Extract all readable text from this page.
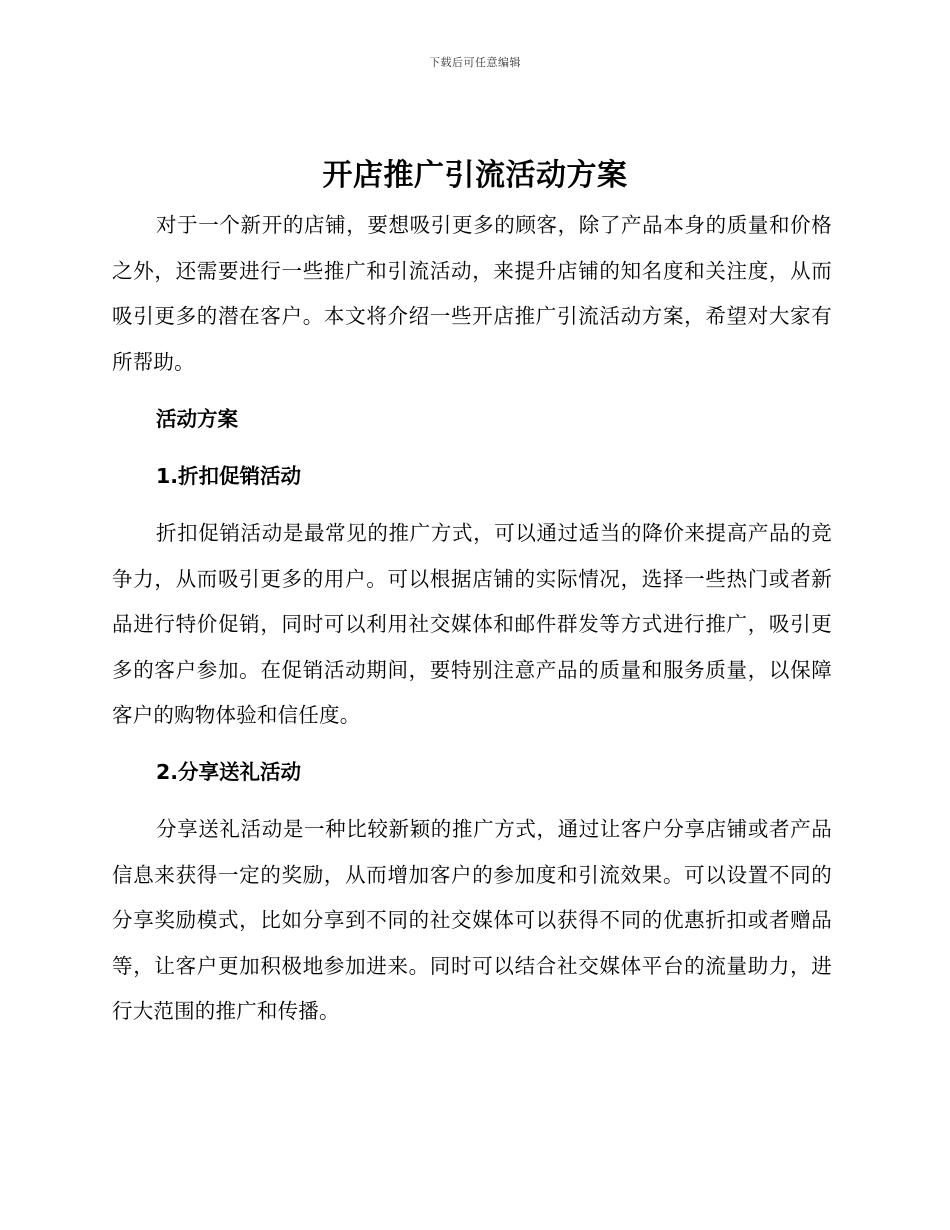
下载后可任意编辑
开店推广引流活动方案

对于一个新开的店铺，要想吸引更多的顾客，除了产品本身的质量和价格之外，还需要进行一些推广和引流活动，来提升店铺的知名度和关注度，从而吸引更多的潜在客户。本文将介绍一些开店推广引流活动方案，希望对大家有所帮助。

活动方案

1.折扣促销活动

折扣促销活动是最常见的推广方式，可以通过适当的降价来提高产品的竞争力，从而吸引更多的用户。可以根据店铺的实际情况，选择一些热门或者新品进行特价促销，同时可以利用社交媒体和邮件群发等方式进行推广，吸引更多的客户参加。在促销活动期间，要特别注意产品的质量和服务质量，以保障客户的购物体验和信任度。

2.分享送礼活动

分享送礼活动是一种比较新颖的推广方式，通过让客户分享店铺或者产品信息来获得一定的奖励，从而增加客户的参加度和引流效果。可以设置不同的分享奖励模式，比如分享到不同的社交媒体可以获得不同的优惠折扣或者赠品等，让客户更加积极地参加进来。同时可以结合社交媒体平台的流量助力，进行大范围的推广和传播。
